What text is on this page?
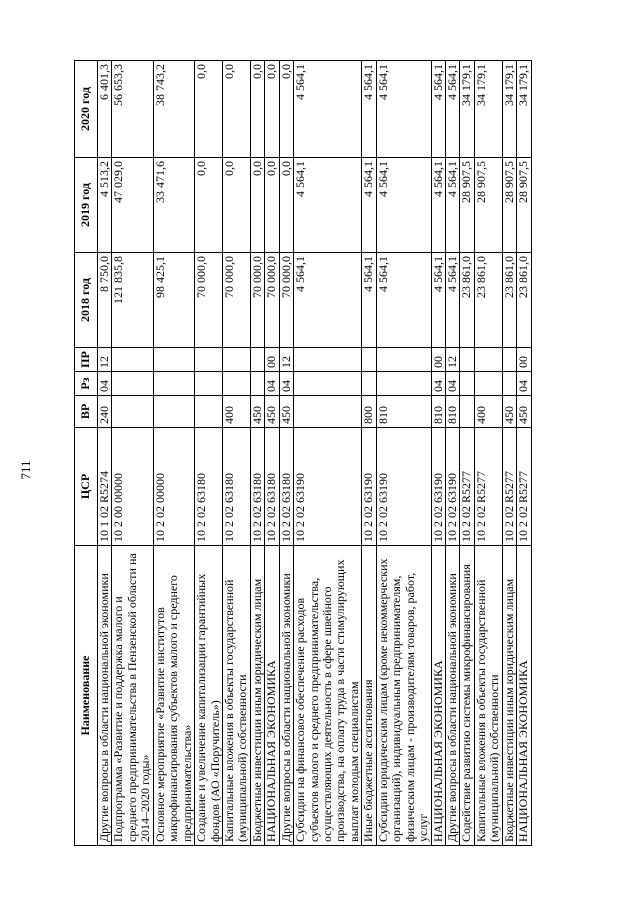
711
Наименование	ЦСР	ВР	Рз	ПР	2018 год	2019 год	2020 год
Другие вопросы в области национальной экономики	10 1 02 R5274	240	04	12	8 750,0	4 513,2	6 401,3
Подпрограмма «Развитие и поддержка малого и среднего предпринимательства в Пензенской области на 2014–2020 годы»	10 2 00 00000				121 835,8	47 029,0	56 653,3
Основное мероприятие «Развитие институтов микрофинансирования субъектов малого и среднего предпринимательства»	10 2 02 00000				98 425,1	33 471,6	38 743,2
Создание и увеличение капитализации гарантийных фондов (АО «Поручитель»)	10 2 02 63180				70 000,0	0,0	0,0
Капитальные вложения в объекты государственной (муниципальной) собственности	10 2 02 63180	400			70 000,0	0,0	0,0
Бюджетные инвестиции иным юридическим лицам	10 2 02 63180	450			70 000,0	0,0	0,0
НАЦИОНАЛЬНАЯ ЭКОНОМИКА	10 2 02 63180	450	04	00	70 000,0	0,0	0,0
Другие вопросы в области национальной экономики	10 2 02 63180	450	04	12	70 000,0	0,0	0,0
Субсидии на финансовое обеспечение расходов субъектов малого и среднего предпринимательства, осуществляющих деятельность в сфере швейного производства, на оплату труда в части стимулирующих выплат молодым специалистам	10 2 02 63190				4 564,1	4 564,1	4 564,1
Иные бюджетные ассигнования	10 2 02 63190	800			4 564,1	4 564,1	4 564,1
Субсидии юридическим лицам (кроме некоммерческих организаций), индивидуальным предпринимателям, физическим лицам - производителям товаров, работ, услуг	10 2 02 63190	810			4 564,1	4 564,1	4 564,1
НАЦИОНАЛЬНАЯ ЭКОНОМИКА	10 2 02 63190	810	04	00	4 564,1	4 564,1	4 564,1
Другие вопросы в области национальной экономики	10 2 02 63190	810	04	12	4 564,1	4 564,1	4 564,1
Содействие развитию системы микрофинансирования	10 2 02 R5277				23 861,0	28 907,5	34 179,1
Капитальные вложения в объекты государственной (муниципальной) собственности	10 2 02 R5277	400			23 861,0	28 907,5	34 179,1
Бюджетные инвестиции иным юридическим лицам	10 2 02 R5277	450			23 861,0	28 907,5	34 179,1
НАЦИОНАЛЬНАЯ ЭКОНОМИКА	10 2 02 R5277	450	04	00	23 861,0	28 907,5	34 179,1
